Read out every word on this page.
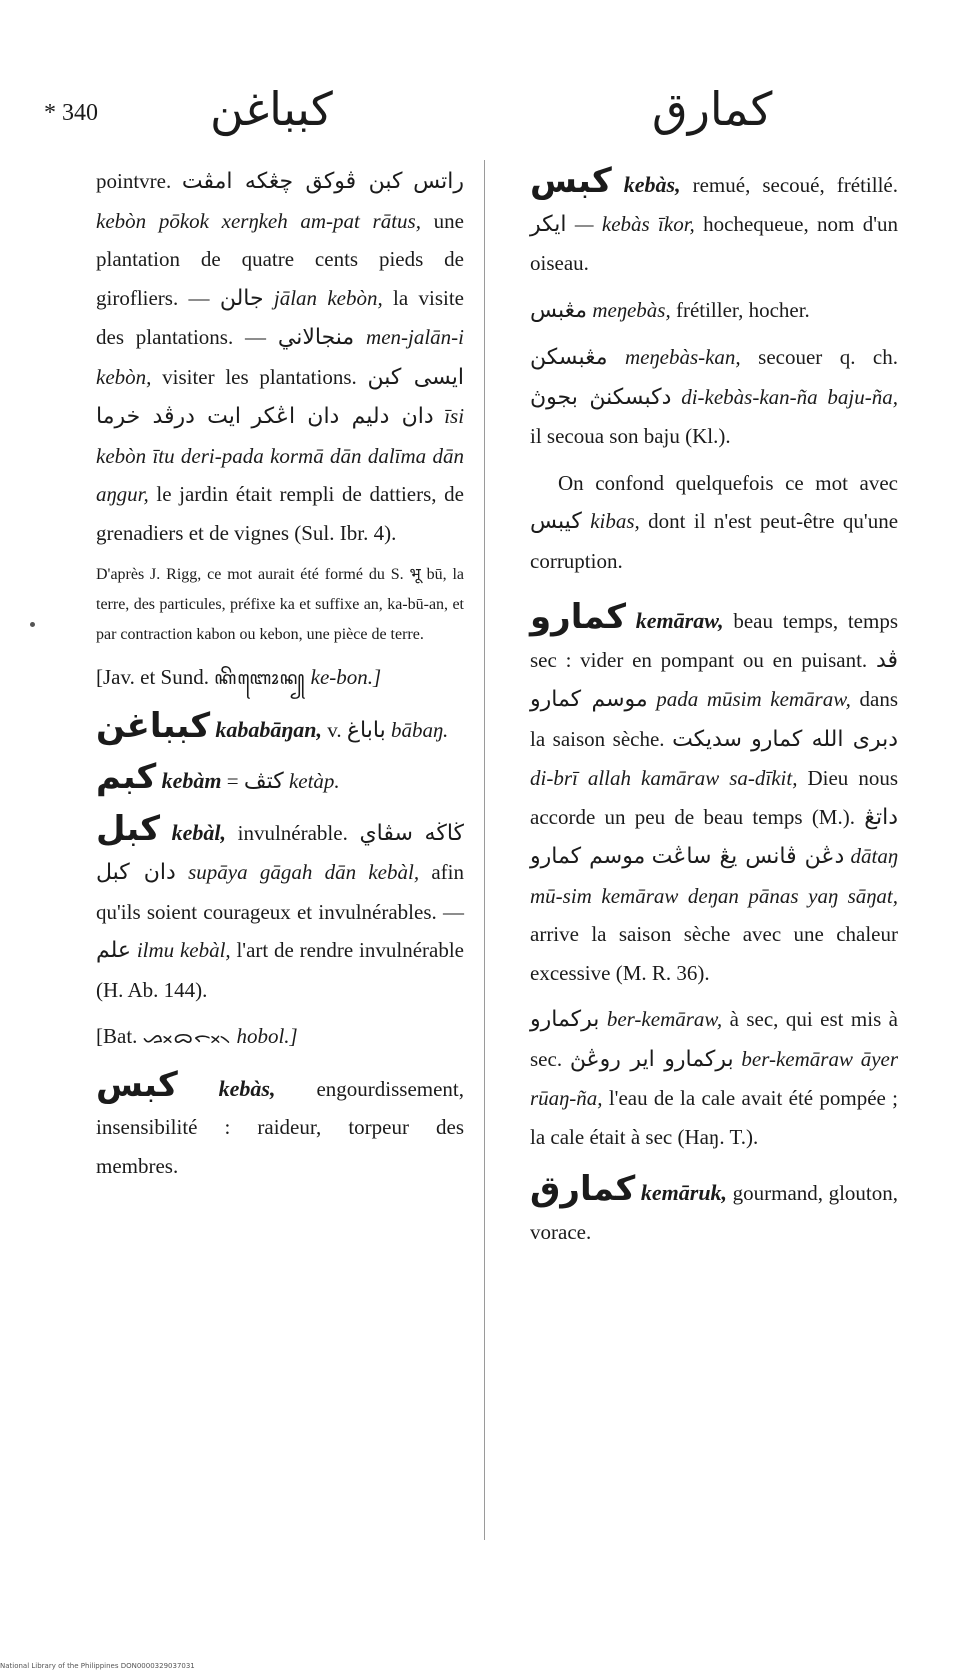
* 340 كبباغن	كمارق

pointvre. كبن ڤوكق چڠكه امڤت راتس kebòn pōkok xerŋkeh am-pat rātus, une plantation de quatre cents pieds de girofliers. — جالن jālan kebòn, la visite des plantations. — منجالاني men-jalān-i kebòn, visiter les plantations. ايسى كبن ايت درڤد خرما دان دليم دان اڠكر īsi kebòn ītu deri-pada kormā dān dalīma dān aŋgur, le jardin était rempli de dattiers, de grenadiers et de vignes (Sul. Ibr. 4).

D'après J. Rigg, ce mot aurait été formé du S. भू bū, la terre, des particules, préfixe ka et suffixe an, ka-bū-an, et par contraction kabon ou kebon, une pièce de terre.

[Jav. et Sund. ꦏꦼꦧꦺꦴꦤ꧀ ke-bon.]

كبباغن kababāŋan, v. باباغ bābaŋ.

كبم kebàm = كتڤ ketàp.

كبل kebàl, invulnérable. سڤاي ڬاڬه دان كبل supāya gāgah dān kebàl, afin qu'ils soient courageux et invulnérables. — علم ilmu kebàl, l'art de rendre invulnérable (H. Ab. 144).

[Bat. ᯀᯬᯅᯬᯞ᯲ hobol.]

كبس kebàs, engourdissement, insensibilité : raideur, torpeur des membres.

كبس kebàs, remué, secoué, frétillé. ايكر — kebàs īkor, hochequeue, nom d'un oiseau.

مڠبس meŋebàs, frétiller, hocher.

مڠبسكن meŋebàs-kan, secouer q. ch. دكبسكنڽ بجوڽ di-kebàs-kan-ña baju-ña, il secoua son baju (Kl.).

On confond quelquefois ce mot avec كيبس kibas, dont il n'est peut-être qu'une corruption.

كمارو kemāraw, beau temps, temps sec : vider en pompant ou en puisant. ڤد موسم كمارو pada mūsim kemāraw, dans la saison sèche. دبرى الله كمارو سديكت di-brī allah kamāraw sa-dīkit, Dieu nous accorde un peu de beau temps (M.). داتڠ موسم كمارو دڠن ڤانس يڠ ساڠت dātaŋ mū-sim kemāraw deŋan pānas yaŋ sāŋat, arrive la saison sèche avec une chaleur excessive (M. R. 36).

بركمارو ber-kemāraw, à sec, qui est mis à sec. بركمارو اير روڠڽ ber-kemāraw āyer rūaŋ-ña, l'eau de la cale avait été pompée ; la cale était à sec (Haŋ. T.).

كمارق kemāruk, gourmand, glouton, vorace.

National Library of the Philippines DON0000329037031
